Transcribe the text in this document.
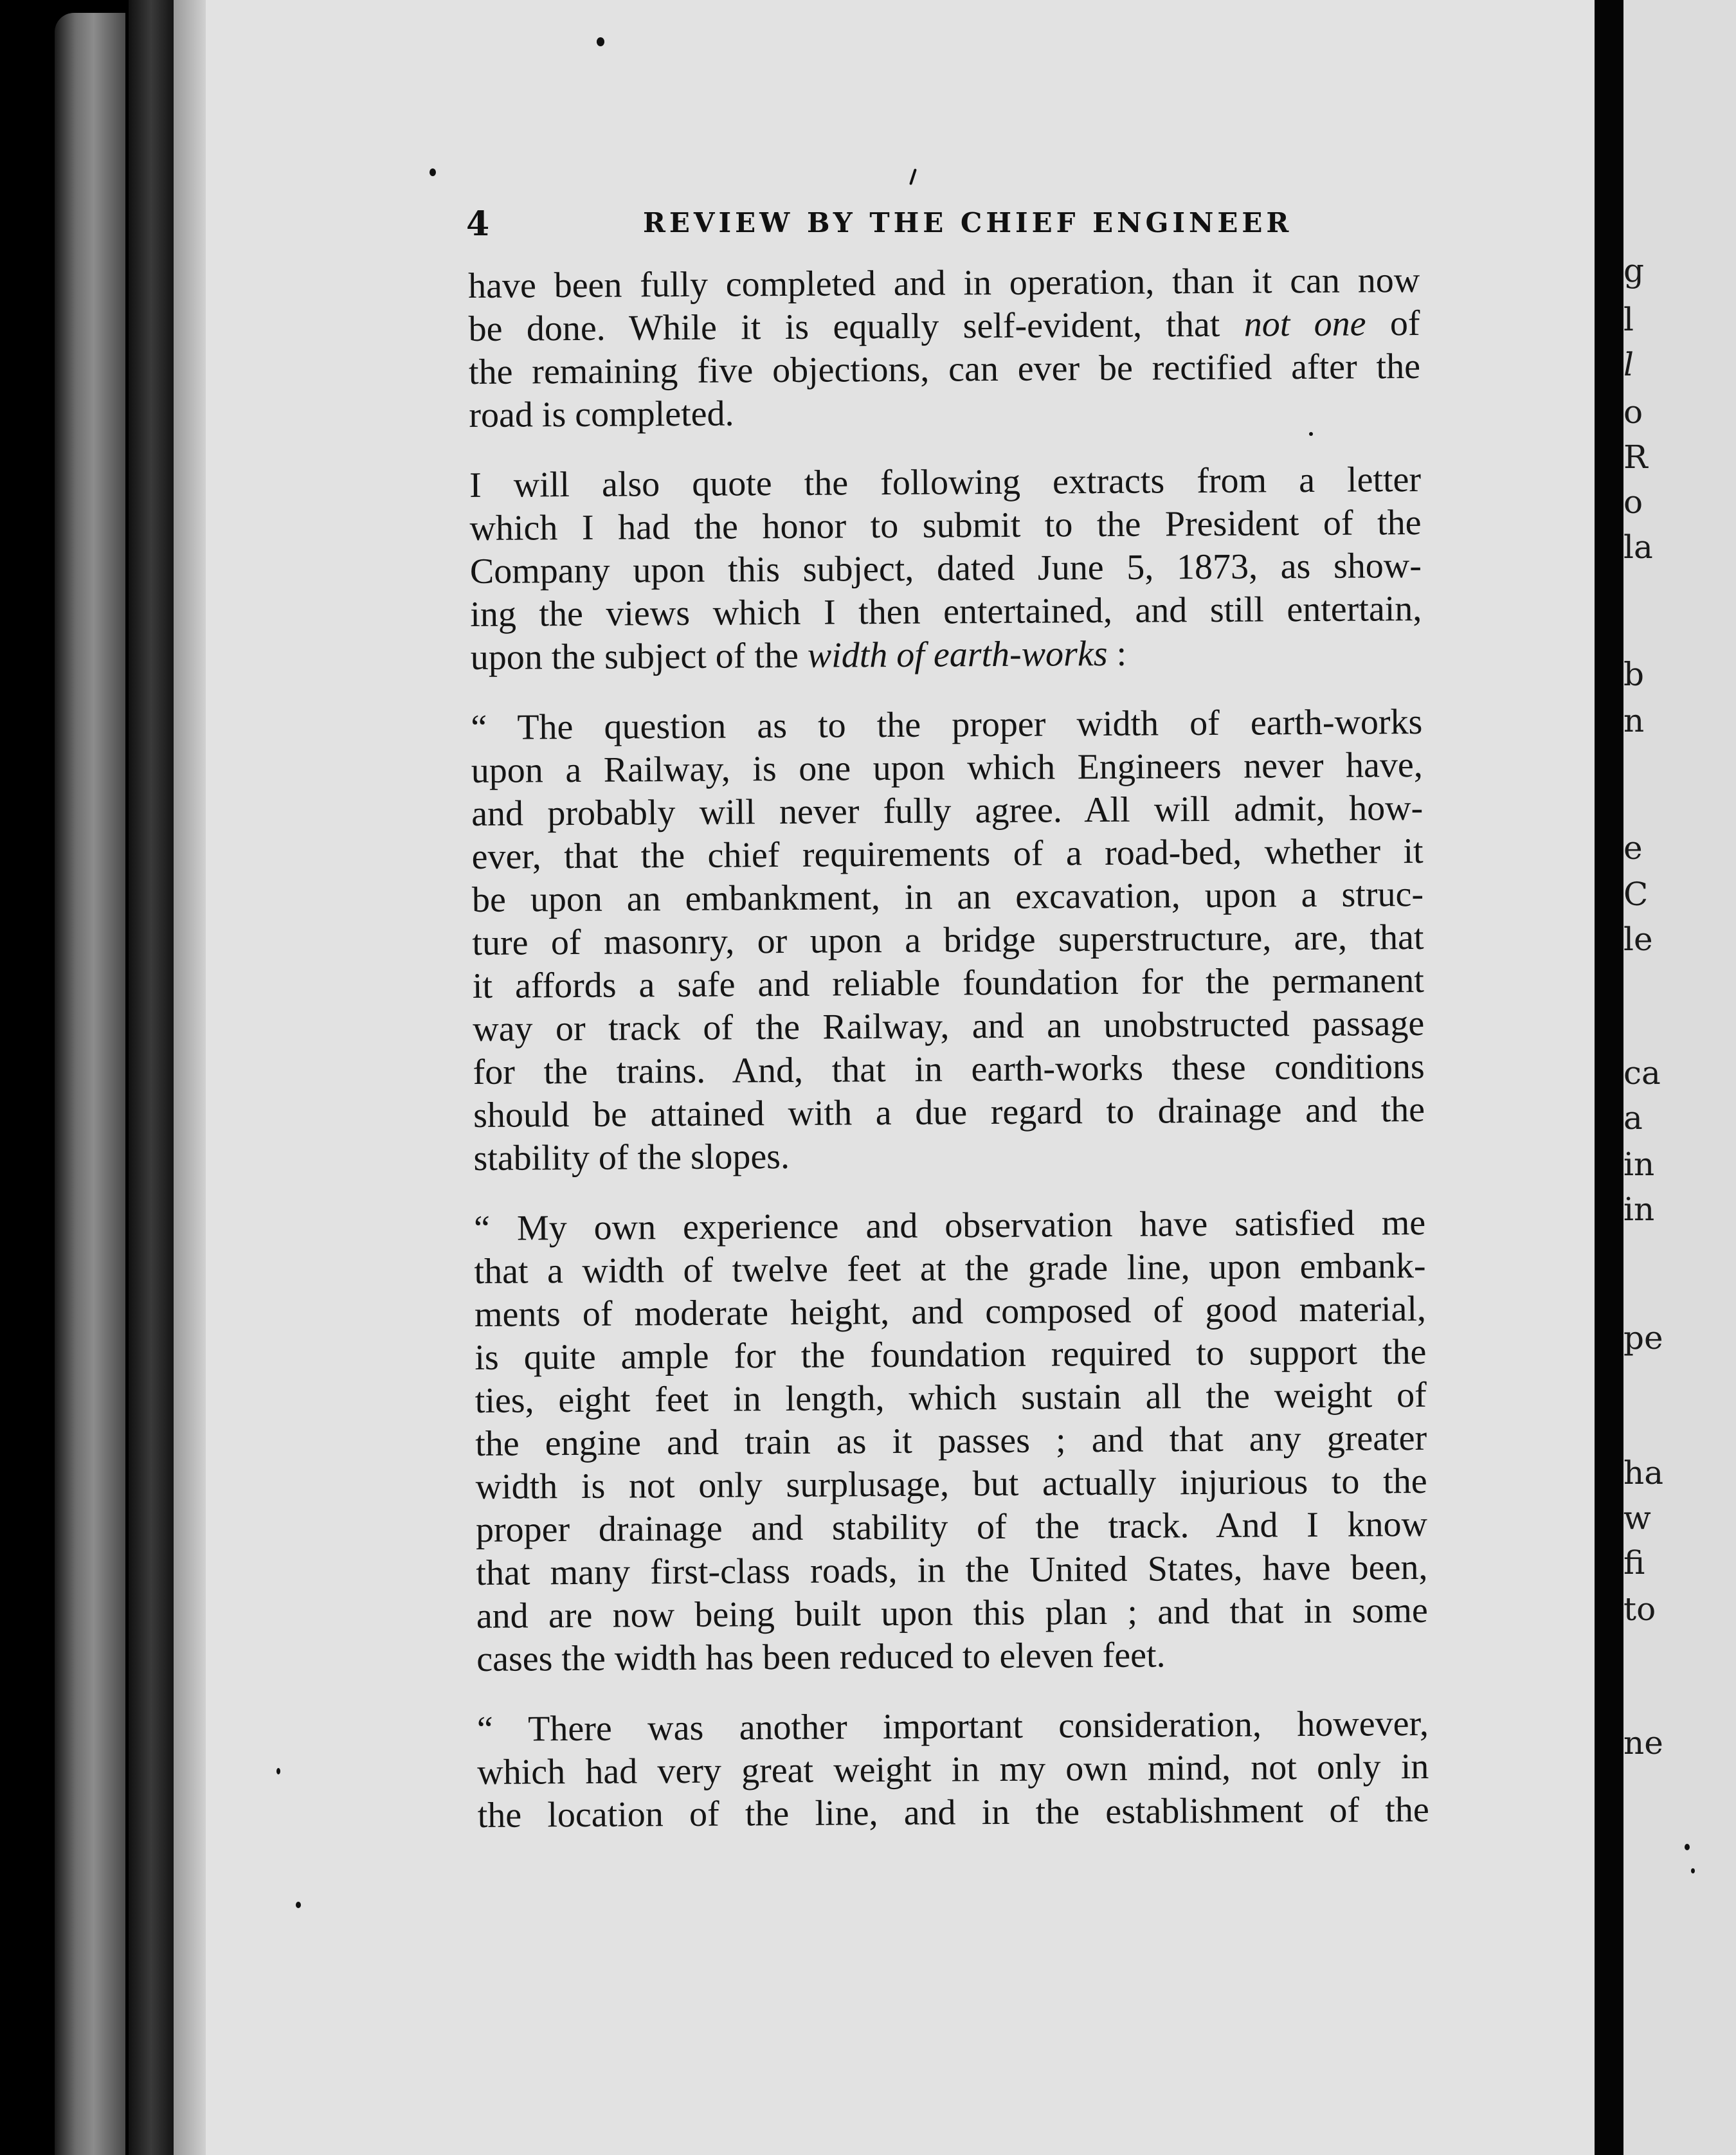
g
l
l
o
R
o
la
b
n
e
C
le
ca
a
in
in
pe
ha
w
fi
to
ne
4	REVIEW BY THE CHIEF ENGINEER

have been fully completed and in operation, than it can now
be done. While it is equally self-evident, that not one of
the remaining five objections, can ever be rectified after the
road is completed.

I will also quote the following extracts from a letter
which I had the honor to submit to the President of the
Company upon this subject, dated June 5, 1873, as show-
ing the views which I then entertained, and still entertain,
upon the subject of the width of earth-works :

“ The question as to the proper width of earth-works
upon a Railway, is one upon which Engineers never have,
and probably will never fully agree. All will admit, how-
ever, that the chief requirements of a road-bed, whether it
be upon an embankment, in an excavation, upon a struc-
ture of masonry, or upon a bridge superstructure, are, that
it affords a safe and reliable foundation for the permanent
way or track of the Railway, and an unobstructed passage
for the trains. And, that in earth-works these conditions
should be attained with a due regard to drainage and the
stability of the slopes.

“ My own experience and observation have satisfied me
that a width of twelve feet at the grade line, upon embank-
ments of moderate height, and composed of good material,
is quite ample for the foundation required to support the
ties, eight feet in length, which sustain all the weight of
the engine and train as it passes ; and that any greater
width is not only surplusage, but actually injurious to the
proper drainage and stability of the track. And I know
that many first-class roads, in the United States, have been,
and are now being built upon this plan ; and that in some
cases the width has been reduced to eleven feet.

“ There was another important consideration, however,
which had very great weight in my own mind, not only in
the location of the line, and in the establishment of the
